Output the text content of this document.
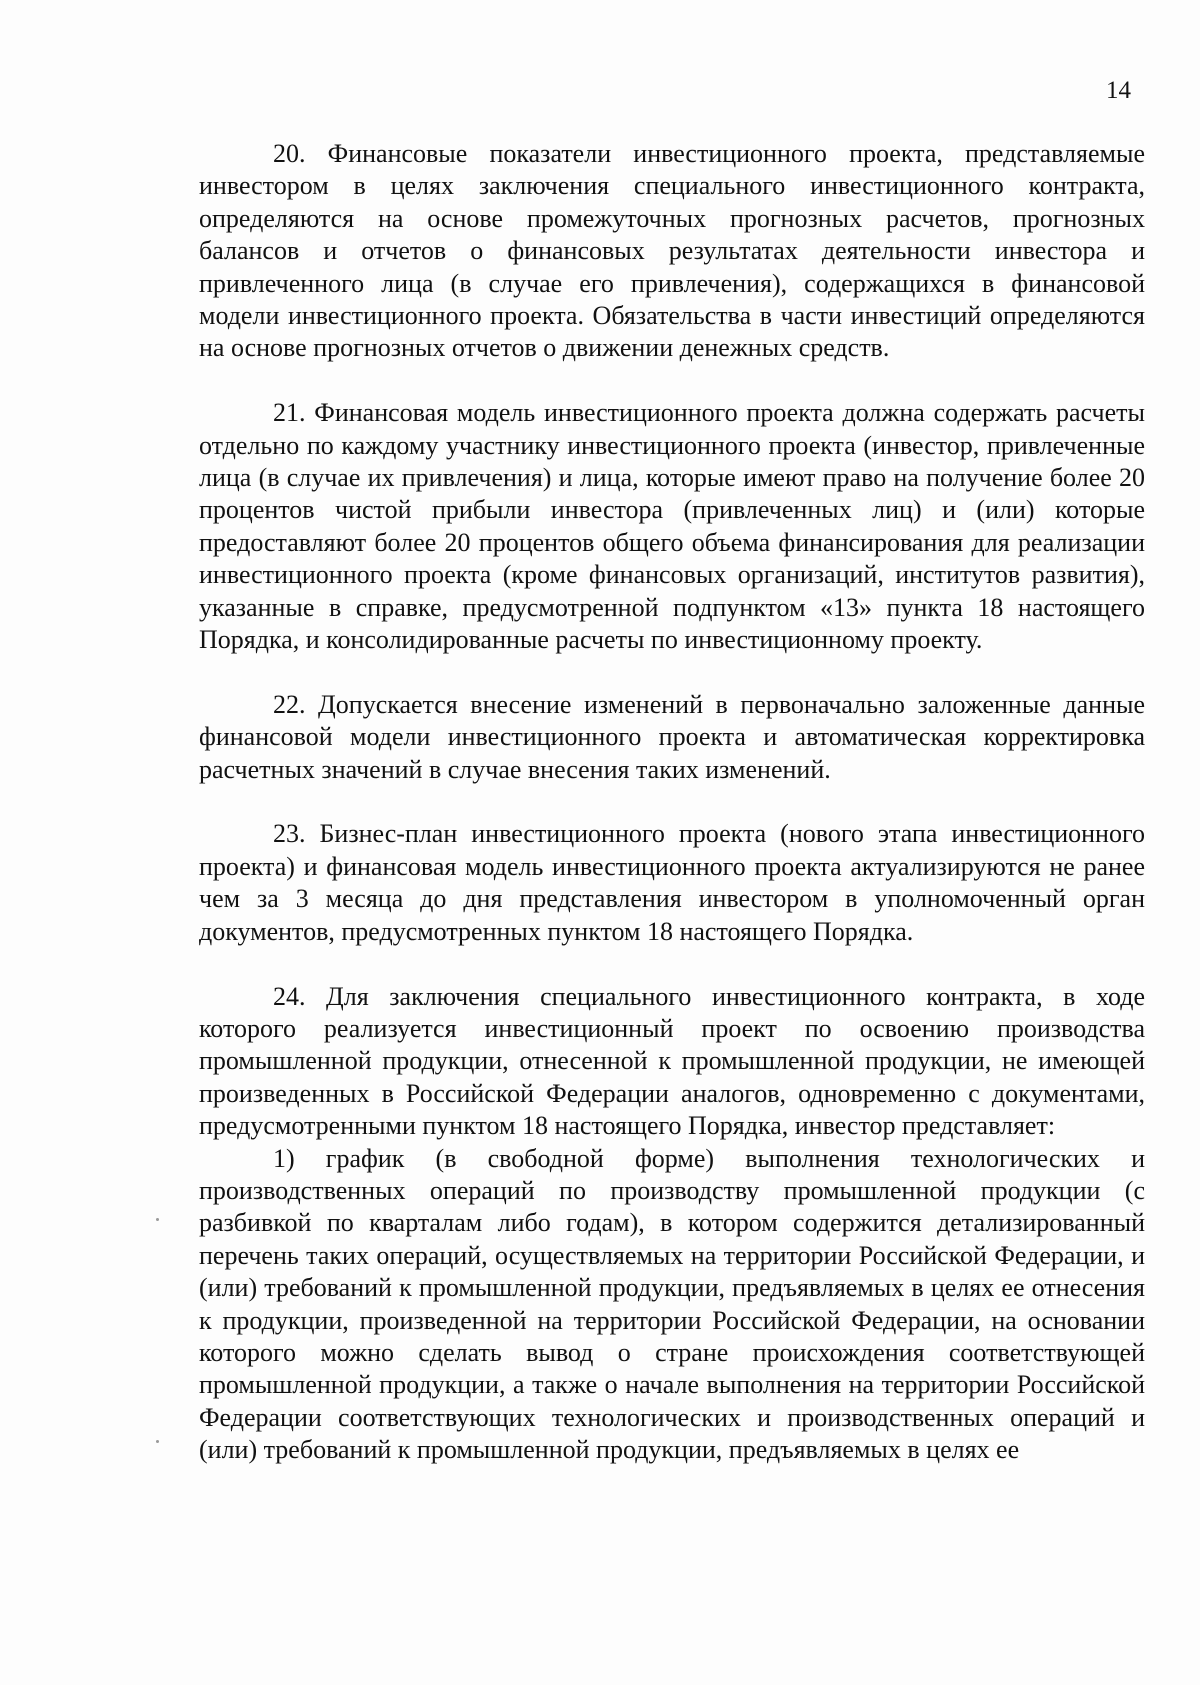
14

20. Финансовые показатели инвестиционного проекта, представляемые инвестором в целях заключения специального инвестиционного контракта, определяются на основе промежуточных прогнозных расчетов, прогнозных балансов и отчетов о финансовых результатах деятельности инвестора и привлеченного лица (в случае его привлечения), содержащихся в финансовой модели инвестиционного проекта. Обязательства в части инвестиций определяются на основе прогнозных отчетов о движении денежных средств.

21. Финансовая модель инвестиционного проекта должна содержать расчеты отдельно по каждому участнику инвестиционного проекта (инвестор, привлеченные лица (в случае их привлечения) и лица, которые имеют право на получение более 20 процентов чистой прибыли инвестора (привлеченных лиц) и (или) которые предоставляют более 20 процентов общего объема финансирования для реализации инвестиционного проекта (кроме финансовых организаций, институтов развития), указанные в справке, предусмотренной подпунктом «13» пункта 18 настоящего Порядка, и консолидированные расчеты по инвестиционному проекту.

22. Допускается внесение изменений в первоначально заложенные данные финансовой модели инвестиционного проекта и автоматическая корректировка расчетных значений в случае внесения таких изменений.

23. Бизнес-план инвестиционного проекта (нового этапа инвестиционного проекта) и финансовая модель инвестиционного проекта актуализируются не ранее чем за 3 месяца до дня представления инвестором в уполномоченный орган документов, предусмотренных пунктом 18 настоящего Порядка.

24. Для заключения специального инвестиционного контракта, в ходе которого реализуется инвестиционный проект по освоению производства промышленной продукции, отнесенной к промышленной продукции, не имеющей произведенных в Российской Федерации аналогов, одновременно с документами, предусмотренными пунктом 18 настоящего Порядка, инвестор представляет:

1) график (в свободной форме) выполнения технологических и производственных операций по производству промышленной продукции (с разбивкой по кварталам либо годам), в котором содержится детализированный перечень таких операций, осуществляемых на территории Российской Федерации, и (или) требований к промышленной продукции, предъявляемых в целях ее отнесения к продукции, произведенной на территории Российской Федерации, на основании которого можно сделать вывод о стране происхождения соответствующей промышленной продукции, а также о начале выполнения на территории Российской Федерации соответствующих технологических и производственных операций и (или) требований к промышленной продукции, предъявляемых в целях ее
